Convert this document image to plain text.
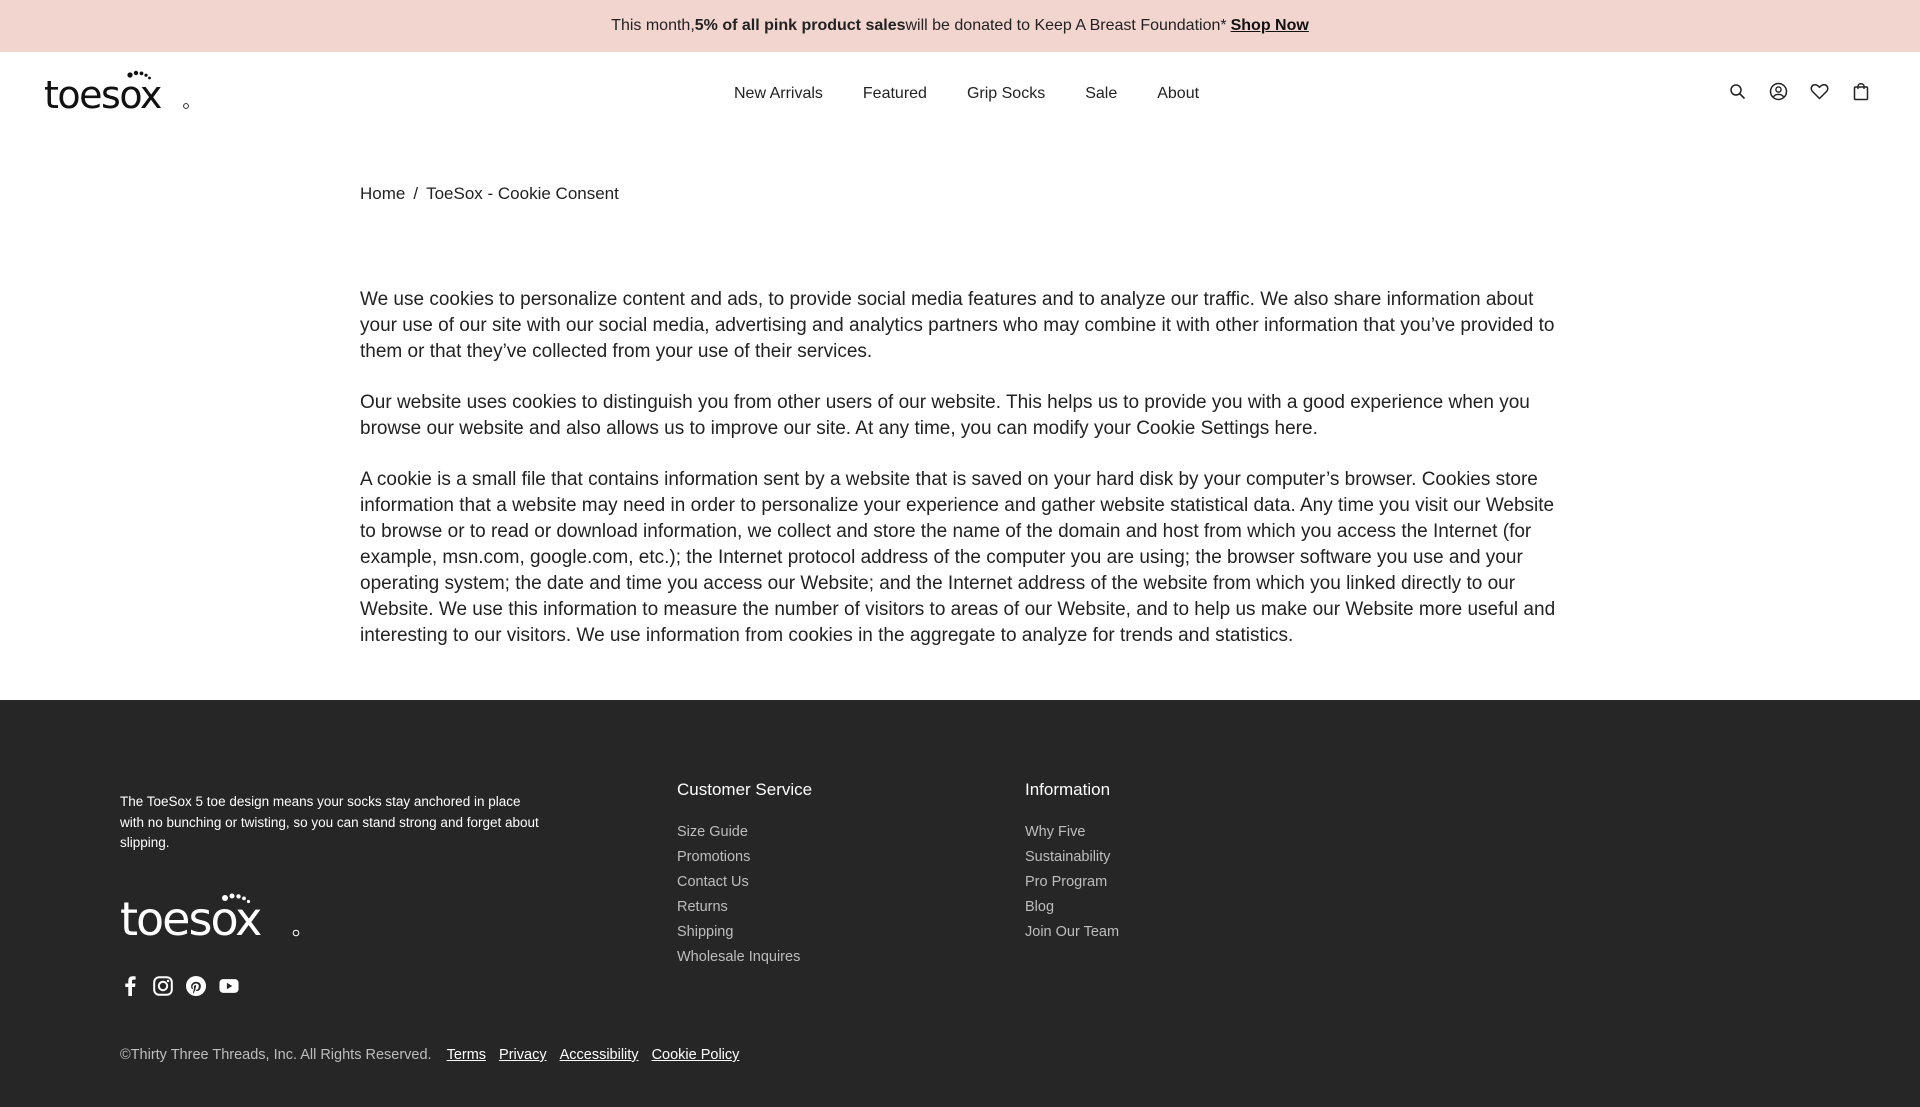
This month, 5% of all pink product sales will be donated to Keep A Breast Foundation* Shop Now
toesox	New Arrivals	Featured	Grip Socks	Sale	About
Home / ToeSox - Cookie Consent

We use cookies to personalize content and ads, to provide social media features and to analyze our traffic. We also share information about your use of our site with our social media, advertising and analytics partners who may combine it with other information that you’ve provided to them or that they’ve collected from your use of their services.

Our website uses cookies to distinguish you from other users of our website. This helps us to provide you with a good experience when you browse our website and also allows us to improve our site. At any time, you can modify your Cookie Settings here.

A cookie is a small file that contains information sent by a website that is saved on your hard disk by your computer’s browser. Cookies store information that a website may need in order to personalize your experience and gather website statistical data. Any time you visit our Website to browse or to read or download information, we collect and store the name of the domain and host from which you access the Internet (for example, msn.com, google.com, etc.); the Internet protocol address of the computer you are using; the browser software you use and your operating system; the date and time you access our Website; and the Internet address of the website from which you linked directly to our Website. We use this information to measure the number of visitors to areas of our Website, and to help us make our Website more useful and interesting to our visitors. We use information from cookies in the aggregate to analyze for trends and statistics.

The ToeSox 5 toe design means your socks stay anchored in place with no bunching or twisting, so you can stand strong and forget about slipping.

toesox
Customer Service
Size Guide
Promotions
Contact Us
Returns
Shipping
Wholesale Inquires
Information
Why Five
Sustainability
Pro Program
Blog
Join Our Team
©Thirty Three Threads, Inc. All Rights Reserved. Terms Privacy Accessibility Cookie Policy
